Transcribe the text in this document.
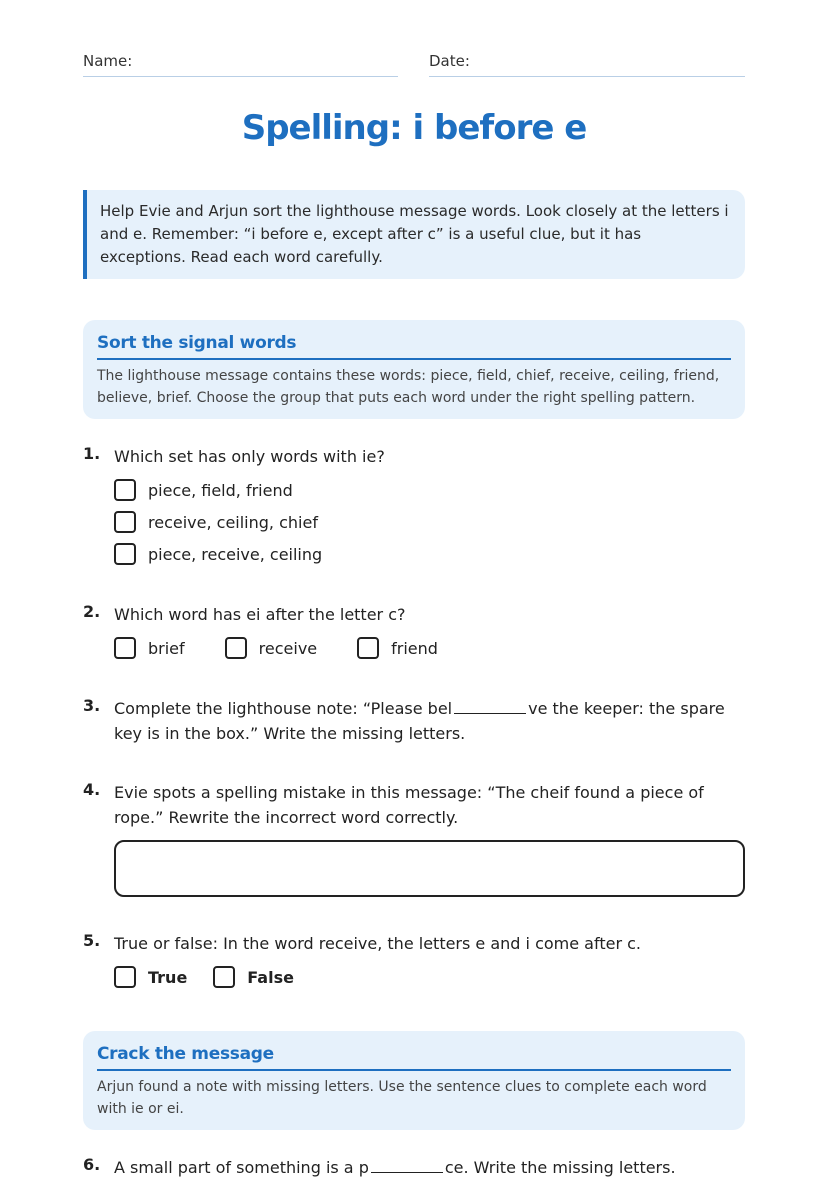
Name:	Date:
Spelling: i before e
Help Evie and Arjun sort the lighthouse message words. Look closely at the letters i and e. Remember: “i before e, except after c” is a useful clue, but it has exceptions. Read each word carefully.
Sort the signal words
The lighthouse message contains these words: piece, field, chief, receive, ceiling, friend, believe, brief. Choose the group that puts each word under the right spelling pattern.
1. Which set has only words with ie?
piece, field, friend
receive, ceiling, chief
piece, receive, ceiling
2. Which word has ei after the letter c?
brief	receive	friend
3. Complete the lighthouse note: “Please bel	ve the keeper: the spare key is in the box.” Write the missing letters.
4. Evie spots a spelling mistake in this message: “The cheif found a piece of rope.” Rewrite the incorrect word correctly.
5. True or false: In the word receive, the letters e and i come after c.
True	False
Crack the message
Arjun found a note with missing letters. Use the sentence clues to complete each word with ie or ei.
6. A small part of something is a p	ce. Write the missing letters.
